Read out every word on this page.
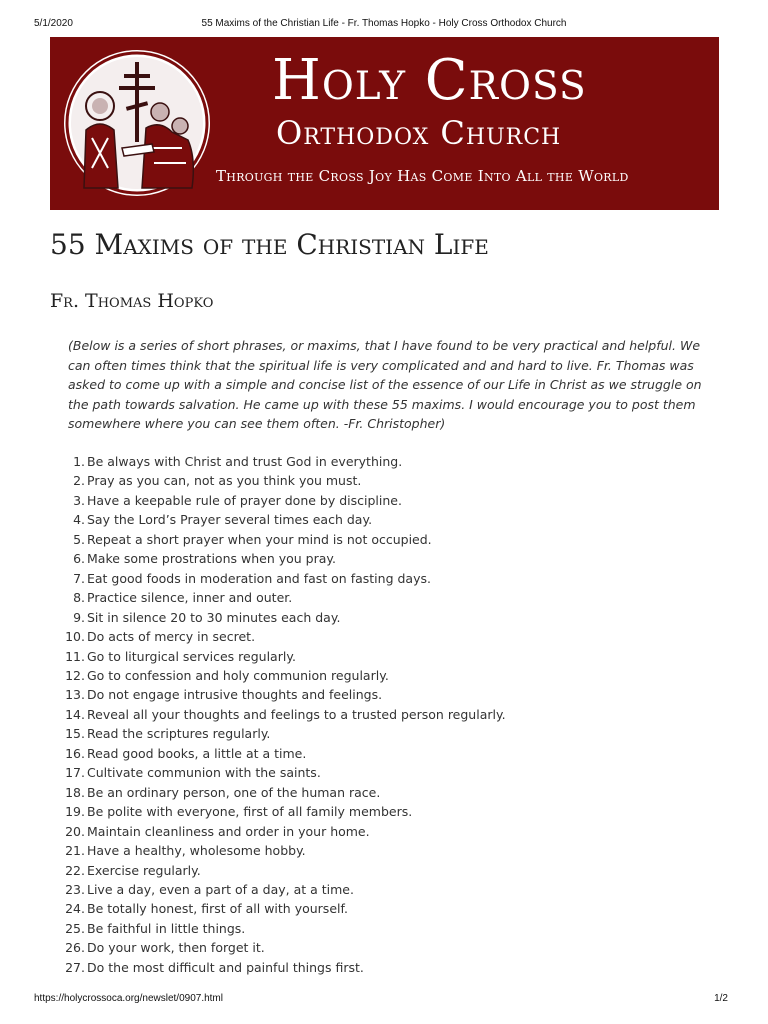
5/1/2020	55 Maxims of the Christian Life - Fr. Thomas Hopko - Holy Cross Orthodox Church
Holy Cross
Orthodox Church
Through the Cross Joy Has Come Into All the World
55 Maxims of the Christian Life
Fr. Thomas Hopko

(Below is a series of short phrases, or maxims, that I have found to be very practical and helpful. We can often times think that the spiritual life is very complicated and and hard to live. Fr. Thomas was asked to come up with a simple and concise list of the essence of our Life in Christ as we struggle on the path towards salvation. He came up with these 55 maxims. I would encourage you to post them somewhere where you can see them often. -Fr. Christopher)

1. Be always with Christ and trust God in everything.
2. Pray as you can, not as you think you must.
3. Have a keepable rule of prayer done by discipline.
4. Say the Lord’s Prayer several times each day.
5. Repeat a short prayer when your mind is not occupied.
6. Make some prostrations when you pray.
7. Eat good foods in moderation and fast on fasting days.
8. Practice silence, inner and outer.
9. Sit in silence 20 to 30 minutes each day.
10. Do acts of mercy in secret.
11. Go to liturgical services regularly.
12. Go to confession and holy communion regularly.
13. Do not engage intrusive thoughts and feelings.
14. Reveal all your thoughts and feelings to a trusted person regularly.
15. Read the scriptures regularly.
16. Read good books, a little at a time.
17. Cultivate communion with the saints.
18. Be an ordinary person, one of the human race.
19. Be polite with everyone, first of all family members.
20. Maintain cleanliness and order in your home.
21. Have a healthy, wholesome hobby.
22. Exercise regularly.
23. Live a day, even a part of a day, at a time.
24. Be totally honest, first of all with yourself.
25. Be faithful in little things.
26. Do your work, then forget it.
27. Do the most difficult and painful things first.
https://holycrossoca.org/newslet/0907.html	1/2
